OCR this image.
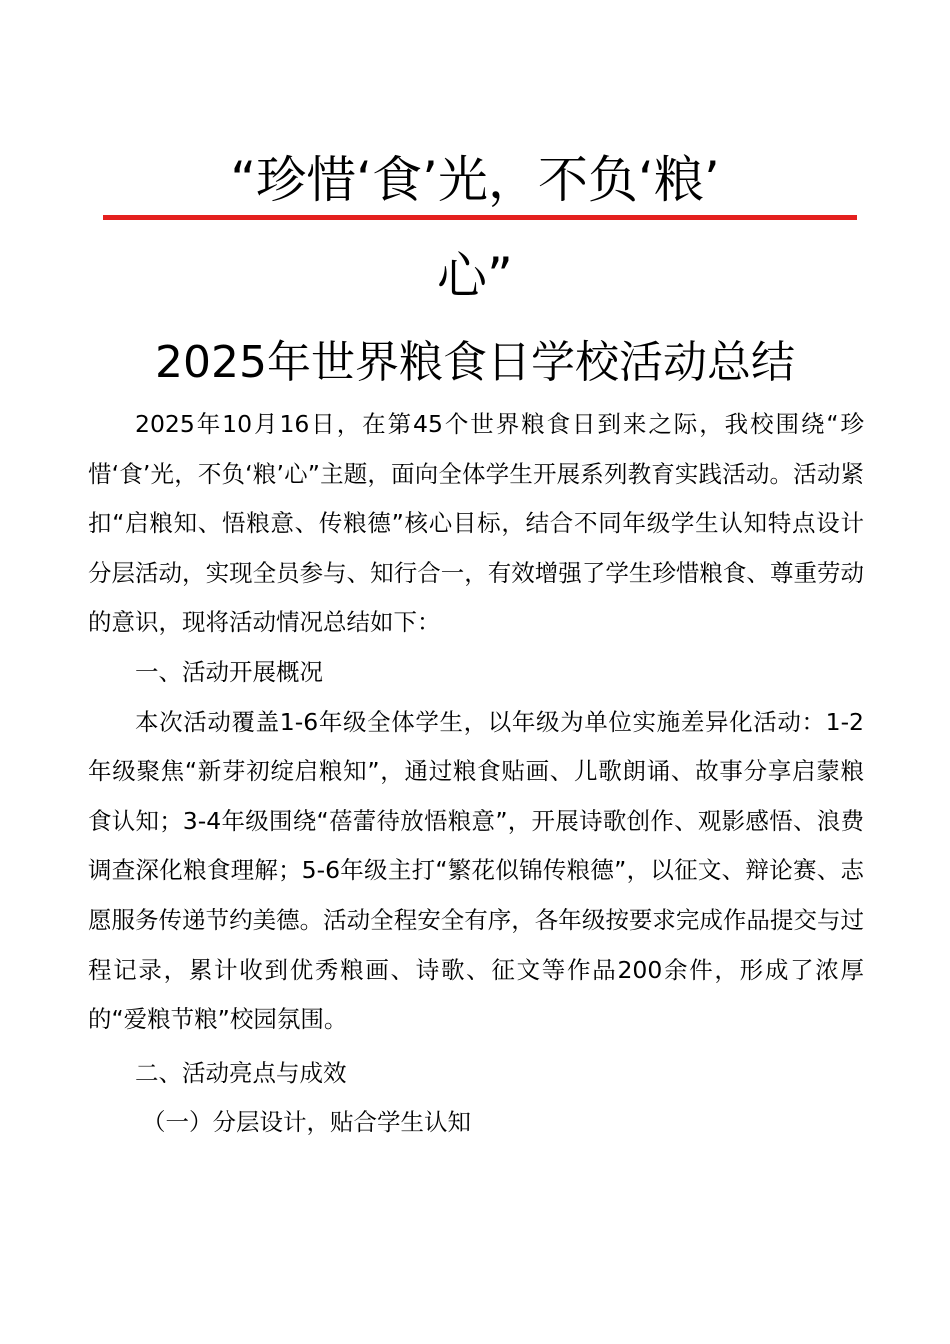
“珍惜‘食’光，不负‘粮’
心”
2025年世界粮食日学校活动总结

2025年10月16日，在第45个世界粮食日到来之际，我校围绕“珍惜‘食’光，不负‘粮’心”主题，面向全体学生开展系列教育实践活动。活动紧扣“启粮知、悟粮意、传粮德”核心目标，结合不同年级学生认知特点设计分层活动，实现全员参与、知行合一，有效增强了学生珍惜粮食、尊重劳动的意识，现将活动情况总结如下：

一、活动开展概况

本次活动覆盖1-6年级全体学生，以年级为单位实施差异化活动：1-2年级聚焦“新芽初绽启粮知”，通过粮食贴画、儿歌朗诵、故事分享启蒙粮食认知；3-4年级围绕“蓓蕾待放悟粮意”，开展诗歌创作、观影感悟、浪费调查深化粮食理解；5-6年级主打“繁花似锦传粮德”，以征文、辩论赛、志愿服务传递节约美德。活动全程安全有序，各年级按要求完成作品提交与过程记录，累计收到优秀粮画、诗歌、征文等作品200余件，形成了浓厚的“爱粮节粮”校园氛围。

二、活动亮点与成效

（一）分层设计，贴合学生认知
